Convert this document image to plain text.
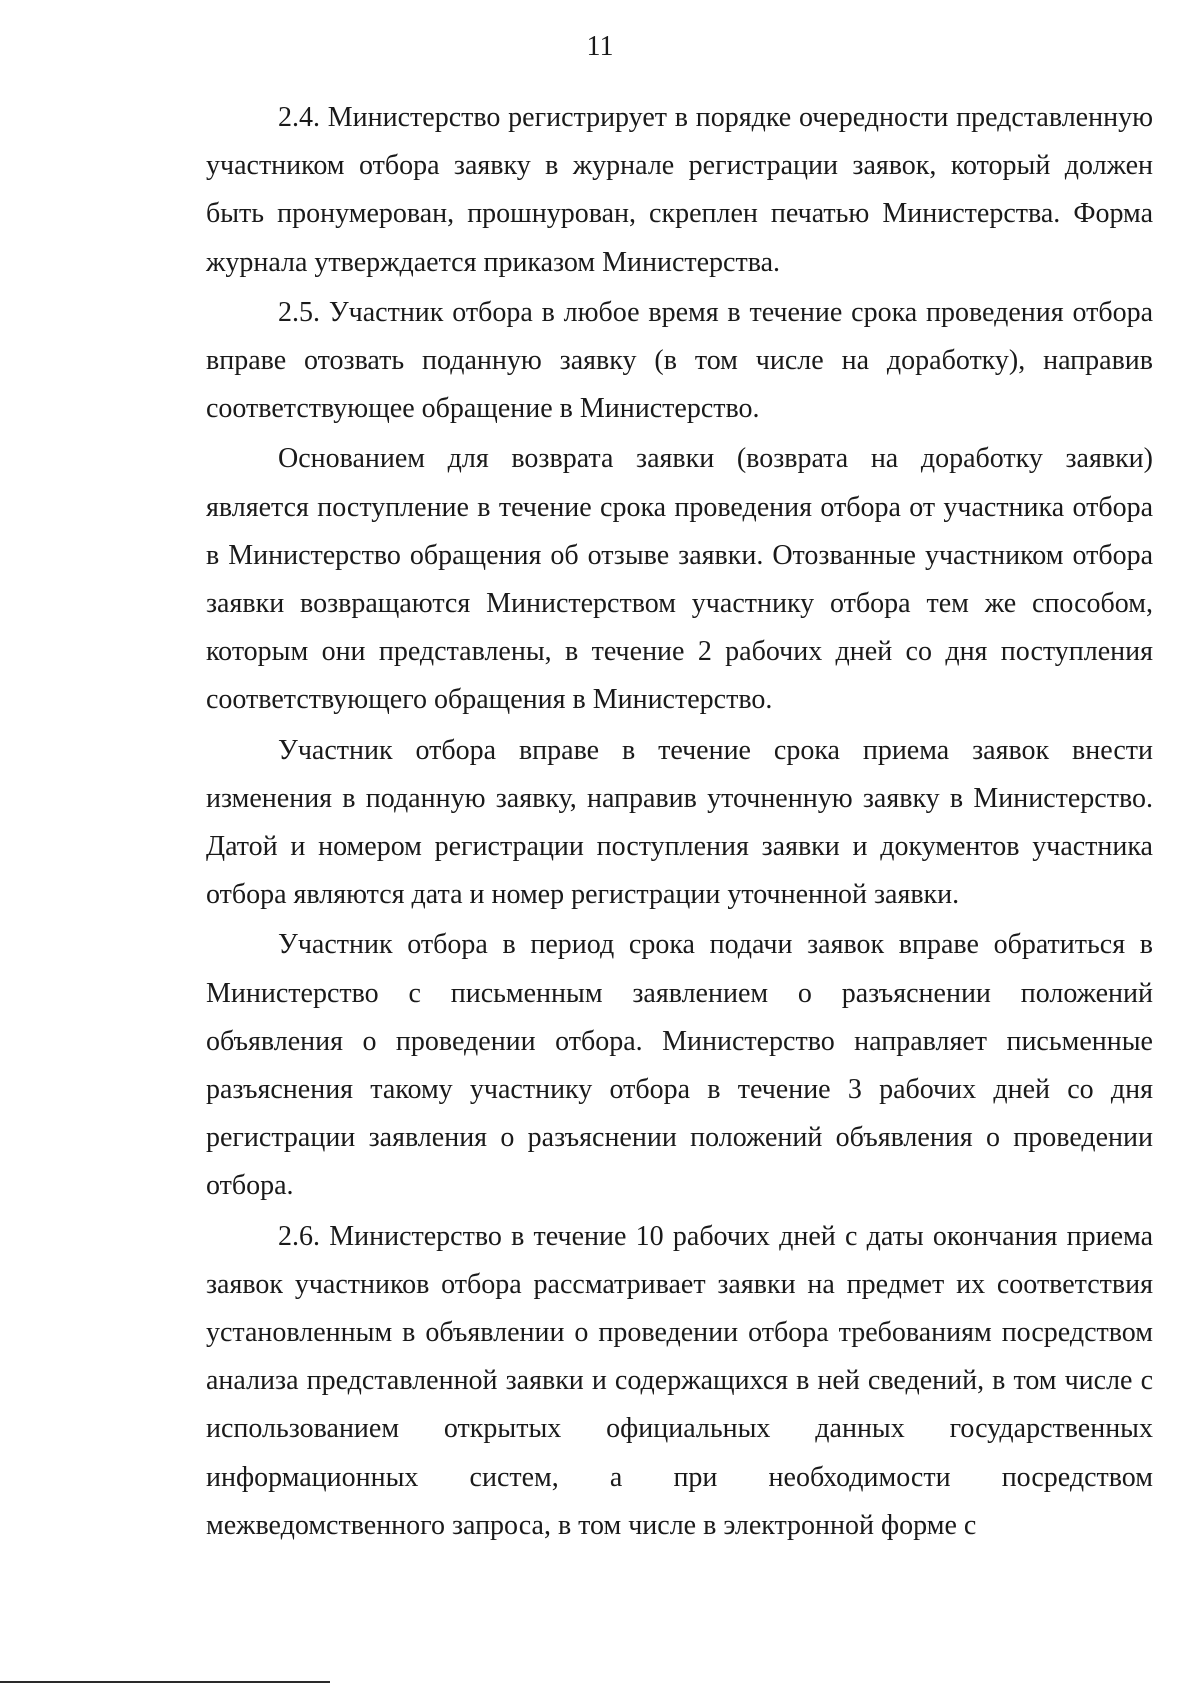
11

2.4. Министерство регистрирует в порядке очередности представленную участником отбора заявку в журнале регистрации заявок, который должен быть пронумерован, прошнурован, скреплен печатью Министерства. Форма журнала утверждается приказом Министерства.

2.5. Участник отбора в любое время в течение срока проведения отбора вправе отозвать поданную заявку (в том числе на доработку), направив соответствующее обращение в Министерство.

Основанием для возврата заявки (возврата на доработку заявки) является поступление в течение срока проведения отбора от участника отбора в Министерство обращения об отзыве заявки. Отозванные участником отбора заявки возвращаются Министерством участнику отбора тем же способом, которым они представлены, в течение 2 рабочих дней со дня поступления соответствующего обращения в Министерство.

Участник отбора вправе в течение срока приема заявок внести изменения в поданную заявку, направив уточненную заявку в Министерство. Датой и номером регистрации поступления заявки и документов участника отбора являются дата и номер регистрации уточненной заявки.

Участник отбора в период срока подачи заявок вправе обратиться в Министерство с письменным заявлением о разъяснении положений объявления о проведении отбора. Министерство направляет письменные разъяснения такому участнику отбора в течение 3 рабочих дней со дня регистрации заявления о разъяснении положений объявления о проведении отбора.

2.6. Министерство в течение 10 рабочих дней с даты окончания приема заявок участников отбора рассматривает заявки на предмет их соответствия установленным в объявлении о проведении отбора требованиям посредством анализа представленной заявки и содержащихся в ней сведений, в том числе с использованием открытых официальных данных государственных информационных систем, а при необходимости посредством межведомственного запроса, в том числе в электронной форме с
